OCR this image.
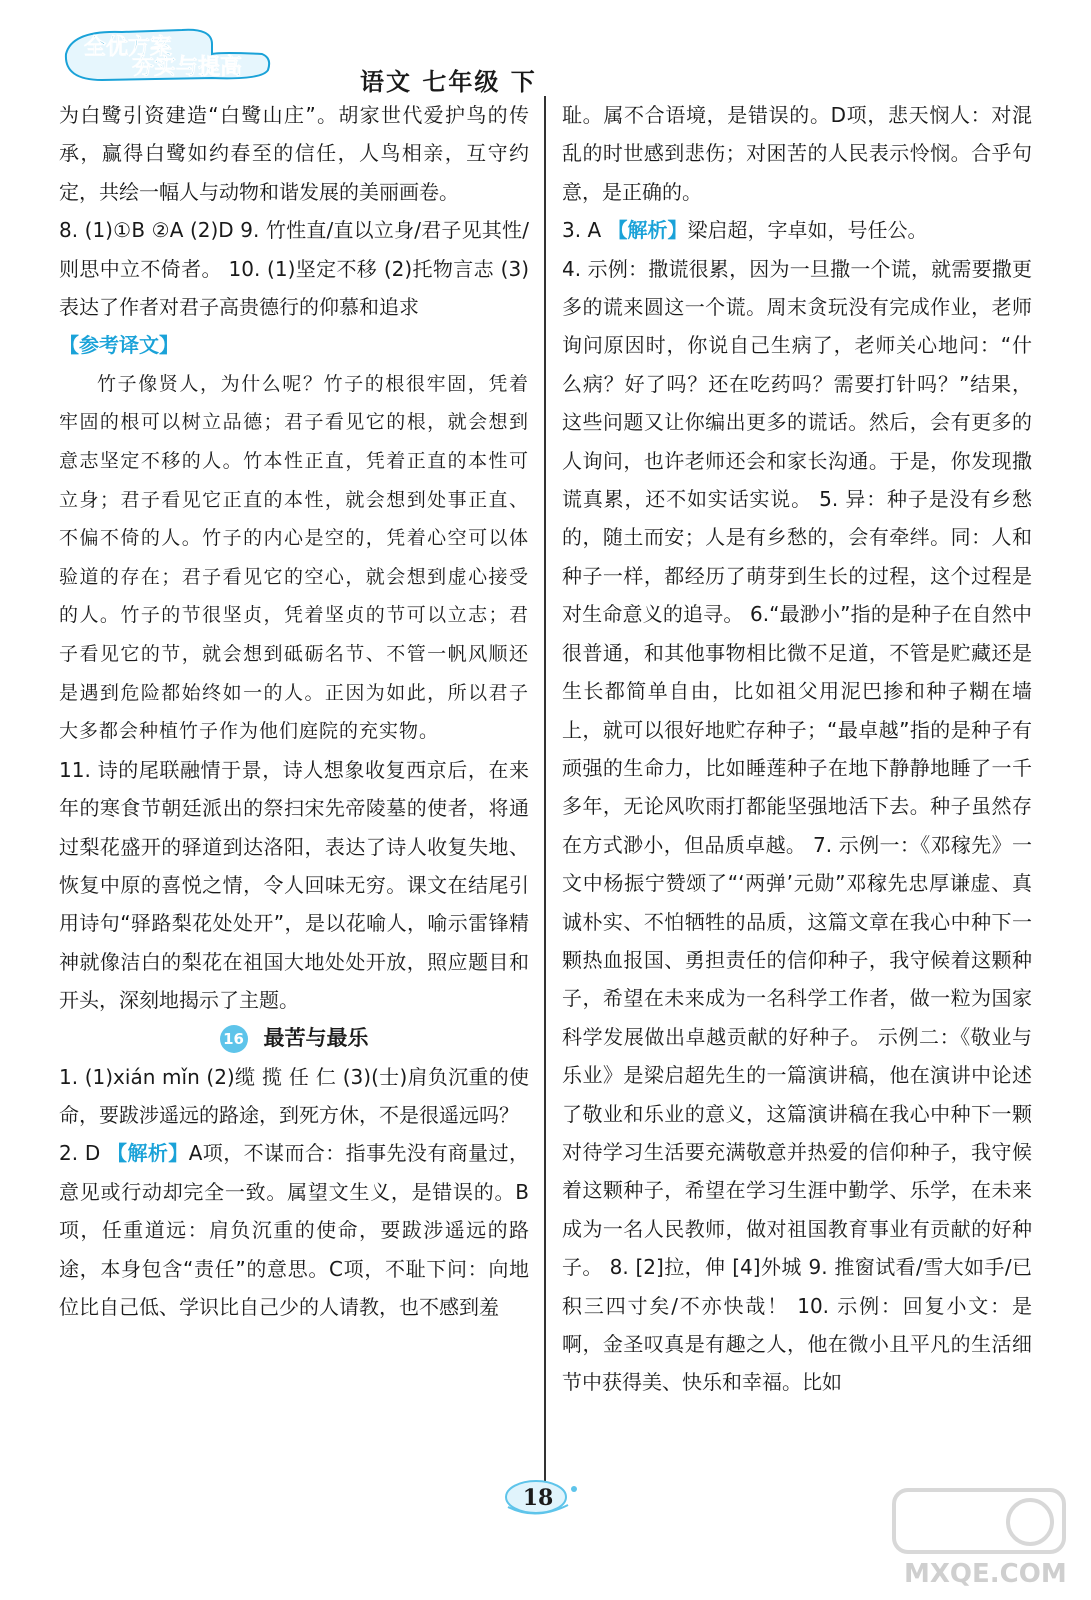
全优方案
夯实与提高
语文 七年级 下

为白鹭引资建造“白鹭山庄”。胡家世代爱护鸟的传承，赢得白鹭如约春至的信任，人鸟相亲，互守约定，共绘一幅人与动物和谐发展的美丽画卷。

8. (1)①B ②A (2)D 9. 竹性直/直以立身/君子见其性/则思中立不倚者。 10. (1)坚定不移 (2)托物言志 (3)表达了作者对君子高贵德行的仰慕和追求

【参考译文】

竹子像贤人，为什么呢？竹子的根很牢固，凭着牢固的根可以树立品德；君子看见它的根，就会想到意志坚定不移的人。竹本性正直，凭着正直的本性可立身；君子看见它正直的本性，就会想到处事正直、不偏不倚的人。竹子的内心是空的，凭着心空可以体验道的存在；君子看见它的空心，就会想到虚心接受的人。竹子的节很坚贞，凭着坚贞的节可以立志；君子看见它的节，就会想到砥砺名节、不管一帆风顺还是遇到危险都始终如一的人。正因为如此，所以君子大多都会种植竹子作为他们庭院的充实物。

11. 诗的尾联融情于景，诗人想象收复西京后，在来年的寒食节朝廷派出的祭扫宋先帝陵墓的使者，将通过梨花盛开的驿道到达洛阳，表达了诗人收复失地、恢复中原的喜悦之情，令人回味无穷。课文在结尾引用诗句“驿路梨花处处开”，是以花喻人，喻示雷锋精神就像洁白的梨花在祖国大地处处开放，照应题目和开头，深刻地揭示了主题。

16 最苦与最乐

1. (1)xián mǐn (2)缆 揽 任 仁 (3)(士)肩负沉重的使命，要跋涉遥远的路途，到死方休，不是很遥远吗？

2. D 【解析】A项，不谋而合：指事先没有商量过，意见或行动却完全一致。属望文生义，是错误的。B项，任重道远：肩负沉重的使命，要跋涉遥远的路途，本身包含“责任”的意思。C项，不耻下问：向地位比自己低、学识比自己少的人请教，也不感到羞

耻。属不合语境，是错误的。D项，悲天悯人：对混乱的时世感到悲伤；对困苦的人民表示怜悯。合乎句意，是正确的。

3. A 【解析】梁启超，字卓如，号任公。

4. 示例：撒谎很累，因为一旦撒一个谎，就需要撒更多的谎来圆这一个谎。周末贪玩没有完成作业，老师询问原因时，你说自己生病了，老师关心地问：“什么病？好了吗？还在吃药吗？需要打针吗？”结果，这些问题又让你编出更多的谎话。然后，会有更多的人询问，也许老师还会和家长沟通。于是，你发现撒谎真累，还不如实话实说。 5. 异：种子是没有乡愁的，随土而安；人是有乡愁的，会有牵绊。同：人和种子一样，都经历了萌芽到生长的过程，这个过程是对生命意义的追寻。 6.“最渺小”指的是种子在自然中很普通，和其他事物相比微不足道，不管是贮藏还是生长都简单自由，比如祖父用泥巴掺和种子糊在墙上，就可以很好地贮存种子；“最卓越”指的是种子有顽强的生命力，比如睡莲种子在地下静静地睡了一千多年，无论风吹雨打都能坚强地活下去。种子虽然存在方式渺小，但品质卓越。 7. 示例一：《邓稼先》一文中杨振宁赞颂了“‘两弹’元勋”邓稼先忠厚谦虚、真诚朴实、不怕牺牲的品质，这篇文章在我心中种下一颗热血报国、勇担责任的信仰种子，我守候着这颗种子，希望在未来成为一名科学工作者，做一粒为国家科学发展做出卓越贡献的好种子。 示例二：《敬业与乐业》是梁启超先生的一篇演讲稿，他在演讲中论述了敬业和乐业的意义，这篇演讲稿在我心中种下一颗对待学习生活要充满敬意并热爱的信仰种子，我守候着这颗种子，希望在学习生涯中勤学、乐学，在未来成为一名人民教师，做对祖国教育事业有贡献的好种子。 8. [2]拉，伸 [4]外城 9. 推窗试看/雪大如手/已积三四寸矣/不亦快哉！ 10. 示例：回复小文：是啊，金圣叹真是有趣之人，他在微小且平凡的生活细节中获得美、快乐和幸福。比如

18
MXQE.COM
